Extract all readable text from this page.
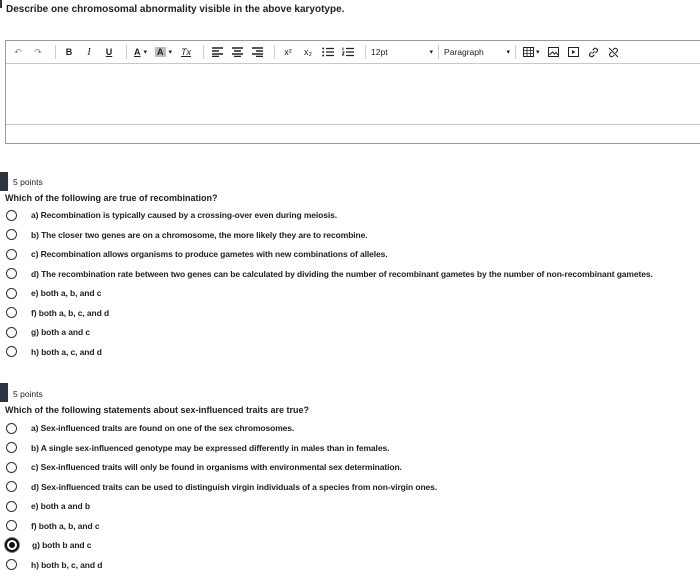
Describe one chromosomal abnormality visible in the above karyotype.
↶	↷	B	I	U	A ▾ A ▾ Tx	x²	x₂	12pt	▾ Paragraph	▾	▾
5 points
Which of the following are true of recombination?
a) Recombination is typically caused by a crossing-over even during meiosis.
b) The closer two genes are on a chromosome, the more likely they are to recombine.
c) Recombination allows organisms to produce gametes with new combinations of alleles.
d) The recombination rate between two genes can be calculated by dividing the number of recombinant gametes by the number of non-recombinant gametes.
e) both a, b, and c
f) both a, b, c, and d
g) both a and c
h) both a, c, and d
5 points
Which of the following statements about sex-influenced traits are true?
a) Sex-influenced traits are found on one of the sex chromosomes.
b) A single sex-influenced genotype may be expressed differently in males than in females.
c) Sex-influenced traits will only be found in organisms with environmental sex determination.
d) Sex-influenced traits can be used to distinguish virgin individuals of a species from non-virgin ones.
e) both a and b
f) both a, b, and c
g) both b and c
h) both b, c, and d
